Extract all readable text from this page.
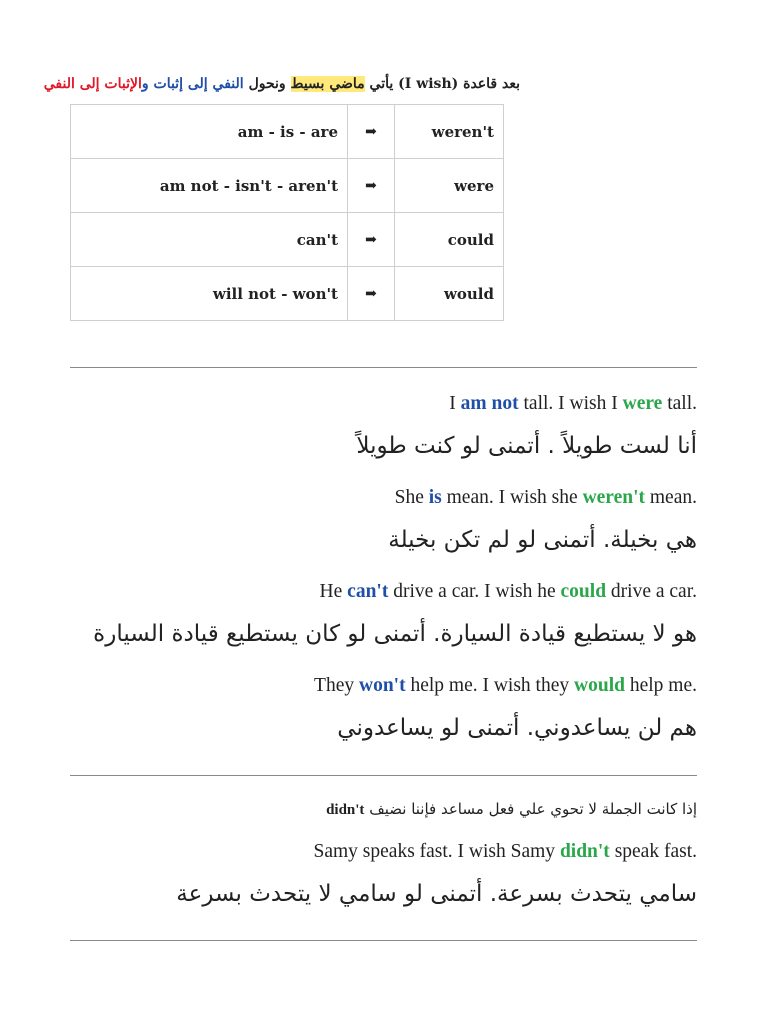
بعد قاعدة (I wish) يأتي ماضي بسيط ونحول النفي إلى إثبات والإثبات إلى النفي
am - is - are	➡	weren't
am not - isn't - aren't	➡	were
can't	➡	could
will not - won't	➡	would
I am not tall. I wish I were tall.
أنا لست طويلاً . أتمنى لو كنت طويلاً
She is mean. I wish she weren't mean.
هي بخيلة. أتمنى لو لم تكن بخيلة
He can't drive a car. I wish he could drive a car.
هو لا يستطيع قيادة السيارة. أتمنى لو كان يستطيع قيادة السيارة
They won't help me. I wish they would help me.
هم لن يساعدوني. أتمنى لو يساعدوني
إذا كانت الجملة لا تحوي علي فعل مساعد فإننا نضيف didn't
Samy speaks fast. I wish Samy didn't speak fast.
سامي يتحدث بسرعة. أتمنى لو سامي لا يتحدث بسرعة
